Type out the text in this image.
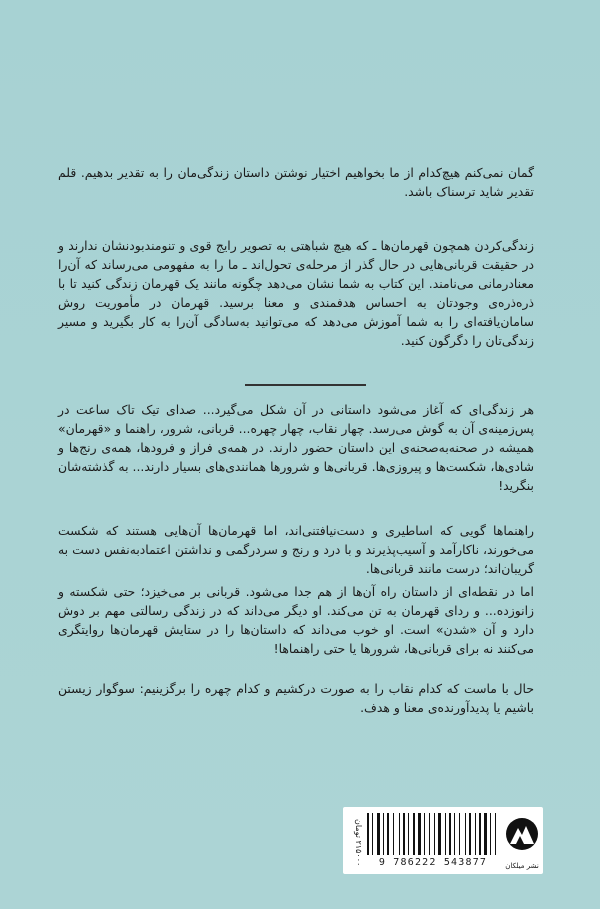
گمان نمی‌کنم هیچ‌کدام از ما بخواهیم اختیار نوشتن داستان زندگی‌مان را به تقدیر بدهیم. قلم تقدیر شاید ترسناک باشد.

زندگی‌کردن همچون قهرمان‌ها ـ که هیچ شباهتی به تصویر رایج قوی و تنومندبودنشان ندارند و در حقیقت قربانی‌هایی در حال گذر از مرحله‌ی تحول‌اند ـ ما را به مفهومی می‌رساند که آن‌را معنادرمانی می‌نامند. این کتاب به شما نشان می‌دهد چگونه مانند یک قهرمان زندگی کنید تا با ذره‌ذره‌ی وجودتان به احساس هدفمندی و معنا برسید. قهرمان در مأموریت روش سامان‌یافته‌ای را به شما آموزش می‌دهد که می‌توانید به‌سادگی آن‌را به کار بگیرید و مسیر زندگی‌تان را دگرگون کنید.

هر زندگی‌ای که آغاز می‌شود داستانی در آن شکل می‌گیرد... صدای تیک تاک ساعت در پس‌زمینه‌ی آن به گوش می‌رسد. چهار نقاب، چهار چهره... قربانی، شرور، راهنما و «قهرمان» همیشه در صحنه‌به‌صحنه‌ی این داستان حضور دارند. در همه‌ی فراز و فرودها، همه‌ی رنج‌ها و شادی‌ها، شکست‌ها و پیروزی‌ها. قربانی‌ها و شرورها همانندی‌های بسیار دارند... به گذشته‌شان بنگرید!

راهنماها گویی که اساطیری و دست‌نیافتنی‌اند، اما قهرمان‌ها آن‌هایی هستند که شکست می‌خورند، ناکارآمد و آسیب‌پذیرند و با درد و رنج و سردرگمی و نداشتن اعتمادبه‌نفس دست به گریبان‌اند؛ درست مانند قربانی‌ها.

اما در نقطه‌ای از داستان راه آن‌ها از هم جدا می‌شود. قربانی بر می‌خیزد؛ حتی شکسته و زانوزده... و ردای قهرمان به تن می‌کند. او دیگر می‌داند که در زندگی رسالتی مهم بر دوش دارد و آن «شدن» است. او خوب می‌داند که داستان‌ها را در ستایش قهرمان‌ها روایتگری می‌کنند نه برای قربانی‌ها، شرورها یا حتی راهنماها!

حال با ماست که کدام نقاب را به صورت درکشیم و کدام چهره را برگزینیم: سوگوار زیستن باشیم یا پدیدآورنده‌ی معنا و هدف.

۲۱۵۰۰۰ تومان	9 786222 543877	نشر میلکان
